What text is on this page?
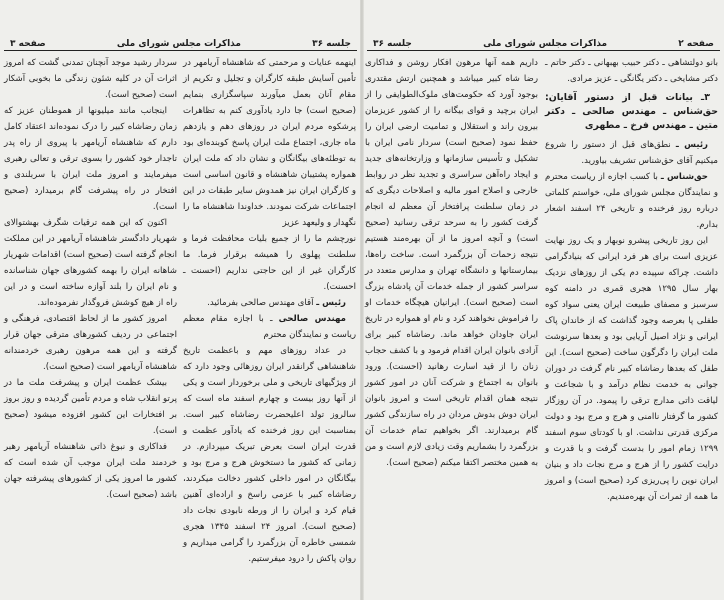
صفحه ۳	مذاکرات مجلس شورای ملی	جلسه ۳۶

سردار رشید موجد آنچنان تمدنی گشت که امروز اثرات آن در کلیه شئون زندگی ما بخوبی آشکار است (صحیح است).

اینجانب مانند میلیونها از هموطنان عزیز که زمان رضاشاه کبیر را درک نموده‌اند اعتقاد کامل دارم که شاهنشاه آریامهر با پیروی از راه پدر تاجدار خود کشور را بسوی ترقی و تعالی رهبری میفرمایند و امروز ملت ایران با سربلندی و افتخار در راه پیشرفت گام برمیدارد (صحیح است).

اکنون که این همه ترقیات شگرف بهشتوالای شهریار دادگستر شاهنشاه آریامهر در این مملکت انجام گرفته است (صحیح است) اقدامات شهریار شاهانه ایران را بهمه کشورهای جهان شناسانده و نام ایران را بلند آوازه ساخته است و در این راه از هیچ کوشش فروگذار نفرموده‌اند.

امروز کشور ما از لحاظ اقتصادی، فرهنگی و اجتماعی در ردیف کشورهای مترقی جهان قرار گرفته و این همه مرهون رهبری خردمندانه شاهنشاه آریامهر است (صحیح است).

بیشک عظمت ایران و پیشرفت ملت ما در پرتو انقلاب شاه و مردم تأمین گردیده و روز بروز بر افتخارات این کشور افزوده میشود (صحیح است).

فداکاری و نبوغ ذاتی شاهنشاه آریامهر رهبر خردمند ملت ایران موجب آن شده است که کشور ما امروز یکی از کشورهای پیشرفته جهان باشد (صحیح است).

اینهمه عنایات و مرحمتی که شاهنشاه آریامهر در تأمین آسایش طبقه کارگران و تجلیل و تکریم از مقام آنان بعمل میآورند سپاسگزاری بنمایم (صحیح است) جا دارد یادآوری کنم به تظاهرات پرشکوه مردم ایران در روزهای دهم و یازدهم ماه جاری، اجتماع ملت ایران پاسخ کوبنده‌ای بود به توطئه‌های بیگانگان و نشان داد که ملت ایران همواره پشتیبان شاهنشاه و قانون اساسی است و کارگران ایران نیز همدوش سایر طبقات در این اجتماعات شرکت نمودند. خداوندا شاهنشاه ما را نگهدار و ولیعهد عزیز

نورچشم ما را از جمیع بلیات محافظت فرما و سلطنت پهلوی را همیشه برقرار فرما. ما کارگران غیر از این حاجتی نداریم (احسنت ـ احسنت).

رئیس ـ آقای مهندس صالحی بفرمائید.

مهندس صالحی ـ با اجازه مقام معظم ریاست و نمایندگان محترم

در عداد روزهای مهم و باعظمت تاریخ شاهنشاهی گرانقدر ایران روزهائی وجود دارد که از ویژگیهای تاریخی و ملی برخوردار است و یکی از آنها روز بیست و چهارم اسفند ماه است که سالروز تولد اعلیحضرت رضاشاه کبیر است. بمناسبت این روز فرخنده که یادآور عظمت و قدرت ایران است بعرض تبریک میپردازم. در زمانی که کشور ما دستخوش هرج و مرج بود و بیگانگان در امور داخلی کشور دخالت میکردند، رضاشاه کبیر با عزمی راسخ و اراده‌ای آهنین قیام کرد و ایران را از ورطه نابودی نجات داد (صحیح است). امروز ۲۴ اسفند ۱۳۴۵ هجری شمسی خاطره آن بزرگمرد را گرامی میداریم و روان پاکش را درود میفرستیم.

جلسه ۳۶	مذاکرات مجلس شورای ملی	صفحه ۲

داریم همه آنها مرهون افکار روشن و فداکاری رضا شاه کبیر میباشد و همچنین ارتش مقتدری بوجود آورد که حکومت‌های ملوک‌الطوایفی را از ایران برچید و قوای بیگانه را از کشور عزیزمان بیرون راند و استقلال و تمامیت ارضی ایران را حفظ نمود (صحیح است) سردار نامی ایران با تشکیل و تأسیس سازمانها و وزارتخانه‌های جدید و ایجاد راه‌آهن سراسری و تجدید نظر در روابط خارجی و اصلاح امور مالیه و اصلاحات دیگری که در زمان سلطنت پرافتخار آن معظم له انجام گرفت کشور را به سرحد ترقی رسانید (صحیح است) و آنچه امروز ما از آن بهره‌مند هستیم نتیجه زحمات آن بزرگمرد است. ساخت راه‌ها، بیمارستانها و دانشگاه تهران و مدارس متعدد در سراسر کشور از جمله خدمات آن پادشاه بزرگ است (صحیح است). ایرانیان هیچگاه خدمات او را فراموش نخواهند کرد و نام او همواره در تاریخ ایران جاودان خواهد ماند. رضاشاه کبیر برای آزادی بانوان ایران اقدام فرمود و با کشف حجاب زنان را از قید اسارت رهانید (احسنت). ورود بانوان به اجتماع و شرکت آنان در امور کشور نتیجه همان اقدام تاریخی است و امروز بانوان ایران دوش بدوش مردان در راه سازندگی کشور گام برمیدارند. اگر بخواهیم تمام خدمات آن بزرگمرد را بشماریم وقت زیادی لازم است و من به همین مختصر اکتفا میکنم (صحیح است).

بانو دولتشاهی ـ دکتر حبیب بهبهانی ـ دکتر حاتم ـ دکتر مشایخی ـ دکتر یگانگی ـ عزیز مرادی.

۳ـ بیانات قبل از دستور آقایان: حق‌شناس ـ مهندس صالحی ـ دکتر متین ـ مهندس فرخ ـ مطهری

رئیس ـ نطق‌های قبل از دستور را شروع میکنیم آقای حق‌شناس تشریف بیاورید.

حق‌شناس ـ با کسب اجازه از ریاست محترم و نمایندگان مجلس شورای ملی، خواستم کلماتی درباره روز فرخنده و تاریخی ۲۴ اسفند اشعار بدارم.

این روز تاریخی پیشرو نوبهار و یک روز نهایت عزیزی است برای هر فرد ایرانی که بنیادگرامی داشت. چراکه سپیده دم یکی از روزهای نزدیک بهار سال ۱۲۹۵ هجری قمری در دامنه کوه سرسبز و مصفای طبیعت ایران یعنی سواد کوه طفلی پا بعرصه وجود گذاشت که از خاندان پاک ایرانی و نژاد اصیل آریایی بود و بعدها سرنوشت ملت ایران را دگرگون ساخت (صحیح است). این طفل که بعدها رضاشاه کبیر نام گرفت در دوران جوانی به خدمت نظام درآمد و با شجاعت و لیاقت ذاتی مدارج ترقی را پیمود. در آن روزگار کشور ما گرفتار ناامنی و هرج و مرج بود و دولت مرکزی قدرتی نداشت. او با کودتای سوم اسفند ۱۲۹۹ زمام امور را بدست گرفت و با قدرت و درایت کشور را از هرج و مرج نجات داد و بنیان ایران نوین را پی‌ریزی کرد (صحیح است) و امروز ما همه از ثمرات آن بهره‌مندیم.
